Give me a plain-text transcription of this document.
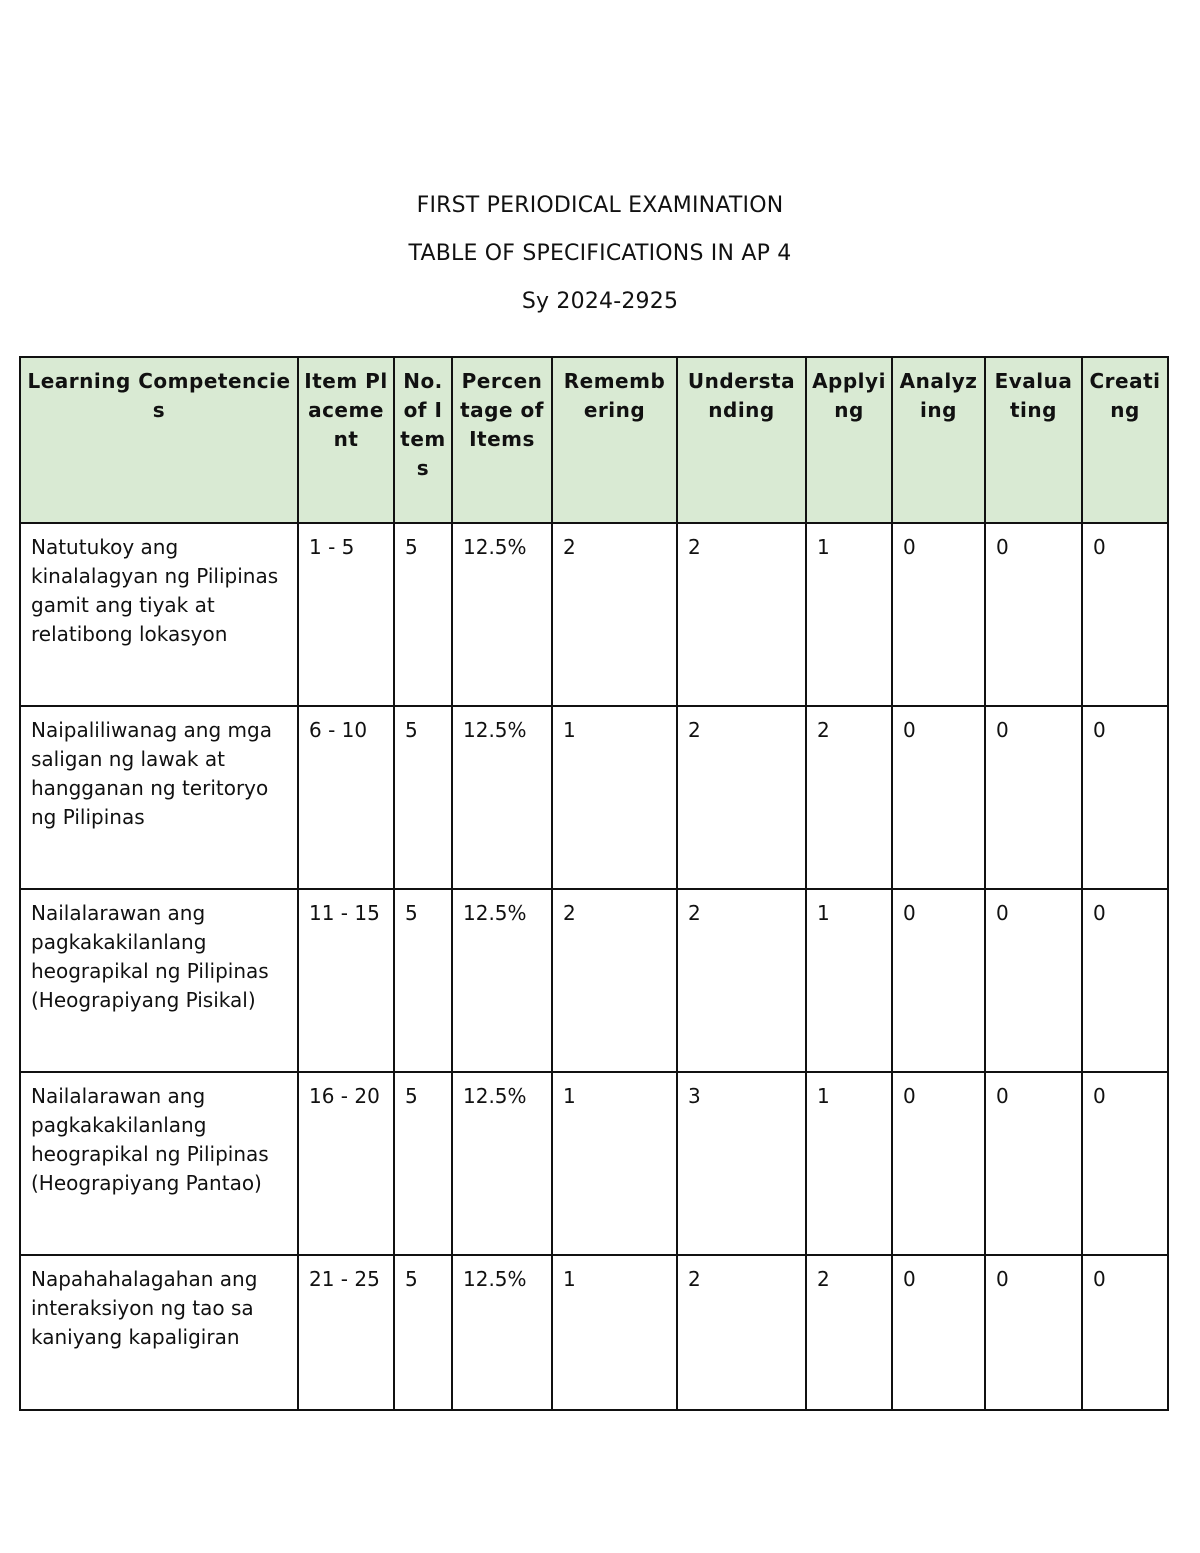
FIRST PERIODICAL EXAMINATION
TABLE OF SPECIFICATIONS IN AP 4
Sy 2024-2925
Learning Competencies	Item Placement	No. of Items	Percentage of Items	Remembering	Understanding	Applying	Analyzing	Evaluating	Creating
Natutukoy ang kinalalagyan ng Pilipinas gamit ang tiyak at relatibong lokasyon	1 - 5	5	12.5%	2	2	1	0	0	0
Naipaliliwanag ang mga saligan ng lawak at hangganan ng teritoryo ng Pilipinas	6 - 10	5	12.5%	1	2	2	0	0	0
Nailalarawan ang pagkakakilanlang heograpikal ng Pilipinas (Heograpiyang Pisikal)	11 - 15	5	12.5%	2	2	1	0	0	0
Nailalarawan ang pagkakakilanlang heograpikal ng Pilipinas (Heograpiyang Pantao)	16 - 20	5	12.5%	1	3	1	0	0	0
Napahahalagahan ang interaksiyon ng tao sa kaniyang kapaligiran	21 - 25	5	12.5%	1	2	2	0	0	0
